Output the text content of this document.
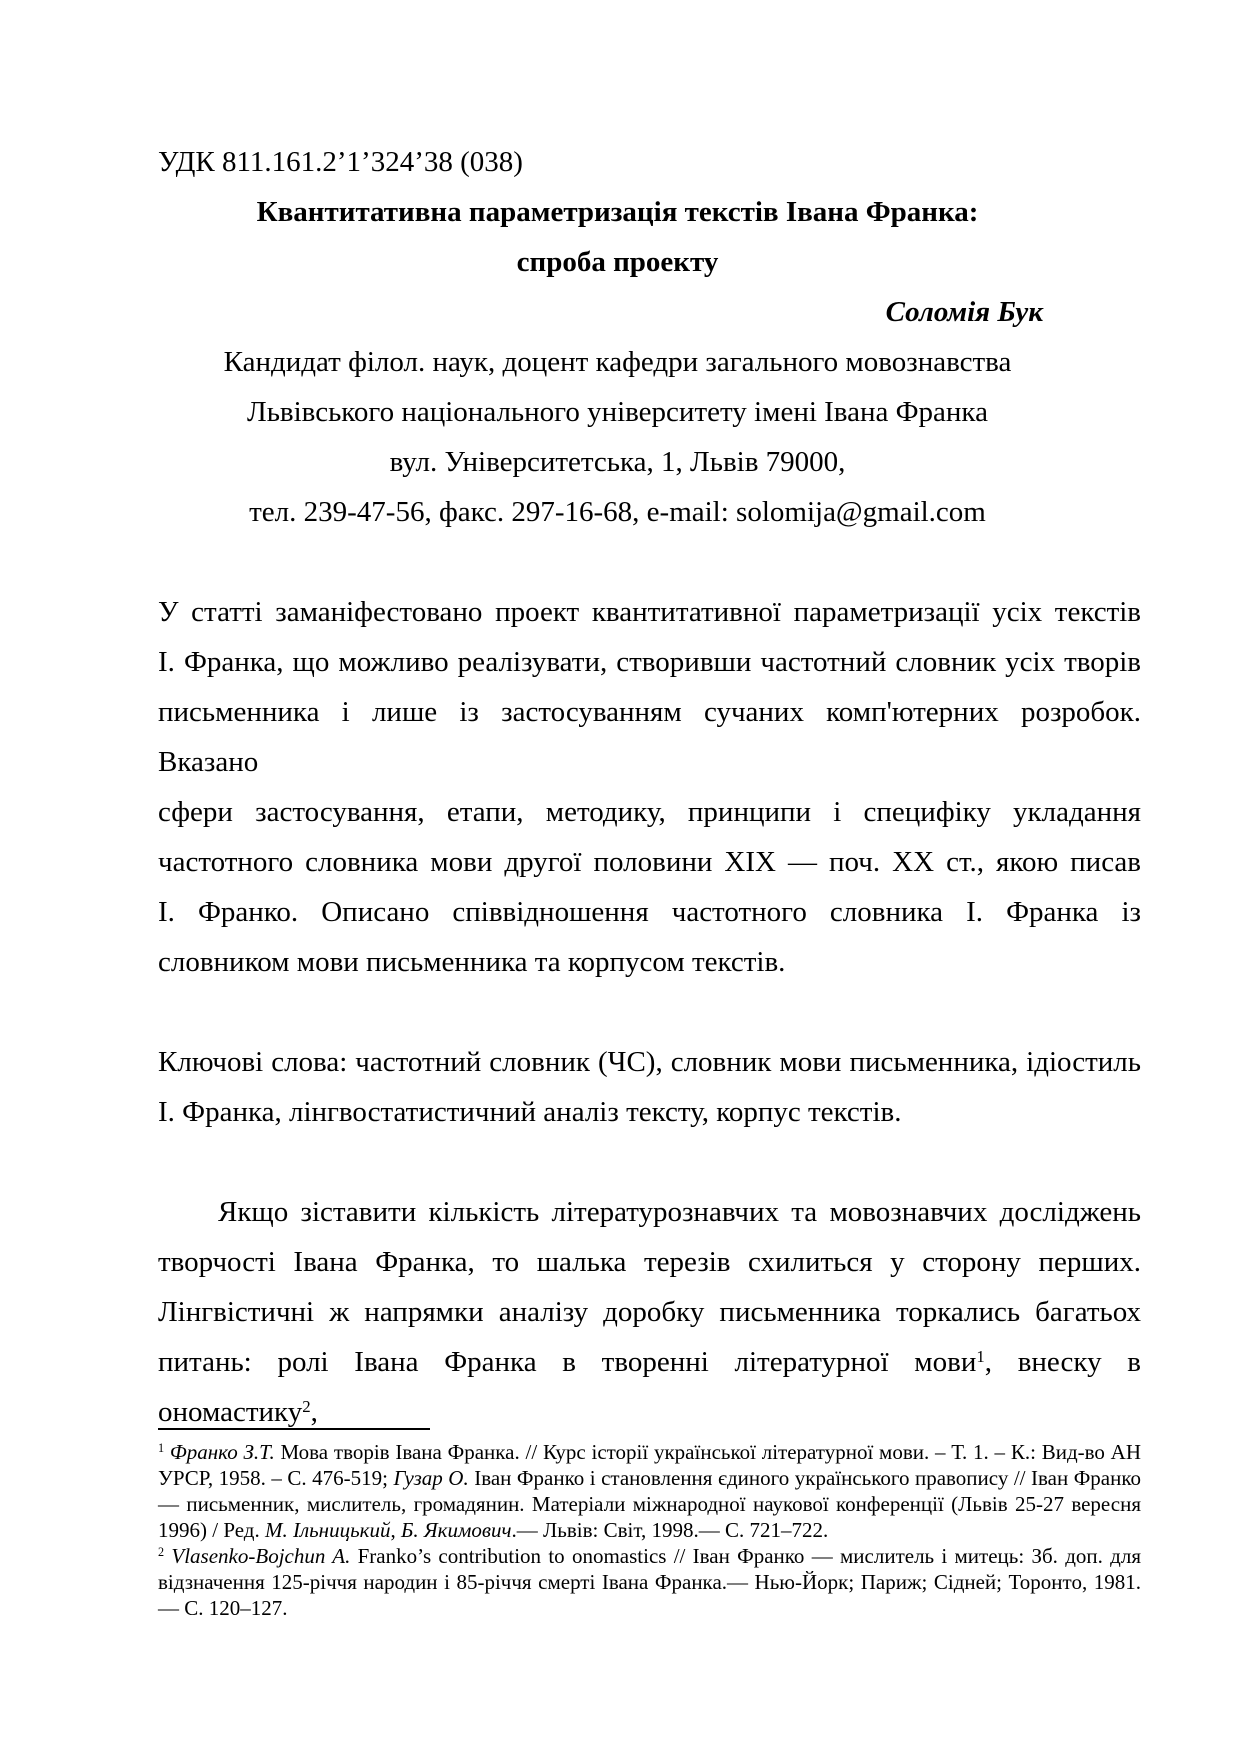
УДК 811.161.2’1’324’38 (038)
Квантитативна параметризація текстів Івана Франка:
спроба проекту
Соломія Бук
Кандидат філол. наук, доцент кафедри загального мовознавства
Львівського національного університету імені Івана Франка
вул. Університетська, 1, Львів 79000,
тел. 239-47-56, факс. 297-16-68, e-mail: solomija@gmail.com
У статті заманіфестовано проект квантитативної параметризації усіх текстів
І. Франка, що можливо реалізувати, створивши частотний словник усіх творів
письменника і лише із застосуванням сучаних комп'ютерних розробок. Вказано
сфери застосування, етапи, методику, принципи і специфіку укладання
частотного словника мови другої половини XIX — поч. XX ст., якою писав
І. Франко. Описано співвідношення частотного словника І. Франка із
словником мови письменника та корпусом текстів.
Ключові слова: частотний словник (ЧС), словник мови письменника, ідіостиль
І. Франка, лінгвостатистичний аналіз тексту, корпус текстів.
Якщо зіставити кількість літературознавчих та мовознавчих досліджень
творчості Івана Франка, то шалька терезів схилиться у сторону перших.
Лінгвістичні ж напрямки аналізу доробку письменника торкались багатьох
питань: ролі Івана Франка в творенні літературної мови$^1$, внеску в ономастику$^2$,
$^1$ Франко З.Т. Мова творів Івана Франка. // Курс історії української літературної мови. – Т. 1. – К.: Вид-во АН УРСР, 1958. – С. 476-519; Гузар О. Іван Франко і становлення єдиного українського правопису // Іван Франко — письменник, мислитель, громадянин. Матеріали міжнародної наукової конференції (Львів 25-27 вересня 1996) / Ред. М. Ільницький, Б. Якимович.— Львів: Світ, 1998.— С. 721–722.
$^2$ Vlasenko-Bojchun A. Franko’s contribution to onomastics // Іван Франко — мислитель і митець: Зб. доп. для відзначення 125-річчя народин і 85-річчя смерті Івана Франка.— Нью-Йорк; Париж; Сідней; Торонто, 1981.— С. 120–127.
